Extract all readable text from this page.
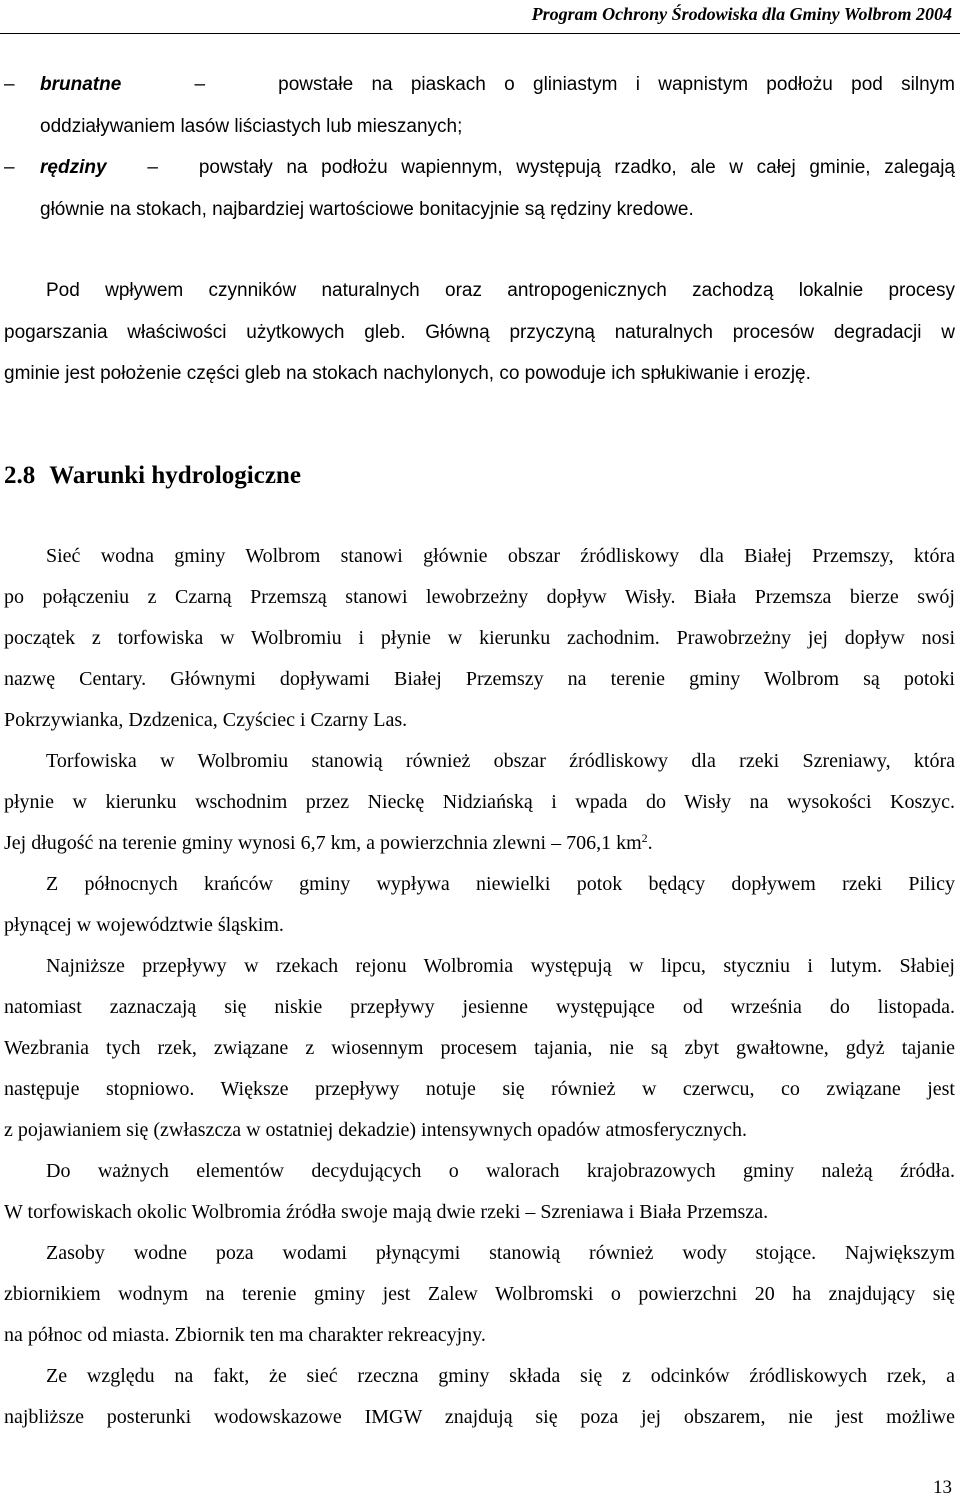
Program Ochrony Środowiska dla Gminy Wolbrom 2004
– brunatne	–	powstałe na piaskach o gliniastym i wapnistym podłożu pod silnym
oddziaływaniem lasów liściastych lub mieszanych;
– rędziny – powstały na podłożu wapiennym, występują rzadko, ale w całej gminie, zalegają
głównie na stokach, najbardziej wartościowe bonitacyjnie są rędziny kredowe.
Pod wpływem czynników naturalnych oraz antropogenicznych zachodzą lokalnie procesy
pogarszania właściwości użytkowych gleb. Główną przyczyną naturalnych procesów degradacji w
gminie jest położenie części gleb na stokach nachylonych, co powoduje ich spłukiwanie i erozję.
2.8 Warunki hydrologiczne
Sieć wodna gminy Wolbrom stanowi głównie obszar źródliskowy dla Białej Przemszy, która
po połączeniu z Czarną Przemszą stanowi lewobrzeżny dopływ Wisły. Biała Przemsza bierze swój
początek z torfowiska w Wolbromiu i płynie w kierunku zachodnim. Prawobrzeżny jej dopływ nosi
nazwę Centary. Głównymi dopływami Białej Przemszy na terenie gminy Wolbrom są potoki
Pokrzywianka, Dzdzenica, Czyściec i Czarny Las.
Torfowiska w Wolbromiu stanowią również obszar źródliskowy dla rzeki Szreniawy, która
płynie w kierunku wschodnim przez Nieckę Nidziańską i wpada do Wisły na wysokości Koszyc.
Jej długość na terenie gminy wynosi 6,7 km, a powierzchnia zlewni – 706,1 $km^2$.
Z północnych krańców gminy wypływa niewielki potok będący dopływem rzeki Pilicy
płynącej w województwie śląskim.
Najniższe przepływy w rzekach rejonu Wolbromia występują w lipcu, styczniu i lutym. Słabiej
natomiast zaznaczają się niskie przepływy jesienne występujące od września do listopada.
Wezbrania tych rzek, związane z wiosennym procesem tajania, nie są zbyt gwałtowne, gdyż tajanie
następuje stopniowo. Większe przepływy notuje się również w czerwcu, co związane jest
z pojawianiem się (zwłaszcza w ostatniej dekadzie) intensywnych opadów atmosferycznych.
Do ważnych elementów decydujących o walorach krajobrazowych gminy należą źródła.
W torfowiskach okolic Wolbromia źródła swoje mają dwie rzeki – Szreniawa i Biała Przemsza.
Zasoby wodne poza wodami płynącymi stanowią również wody stojące. Największym
zbiornikiem wodnym na terenie gminy jest Zalew Wolbromski o powierzchni 20 ha znajdujący się
na północ od miasta. Zbiornik ten ma charakter rekreacyjny.
Ze względu na fakt, że sieć rzeczna gminy składa się z odcinków źródliskowych rzek, a
najbliższe posterunki wodowskazowe IMGW znajdują się poza jej obszarem, nie jest możliwe
13
